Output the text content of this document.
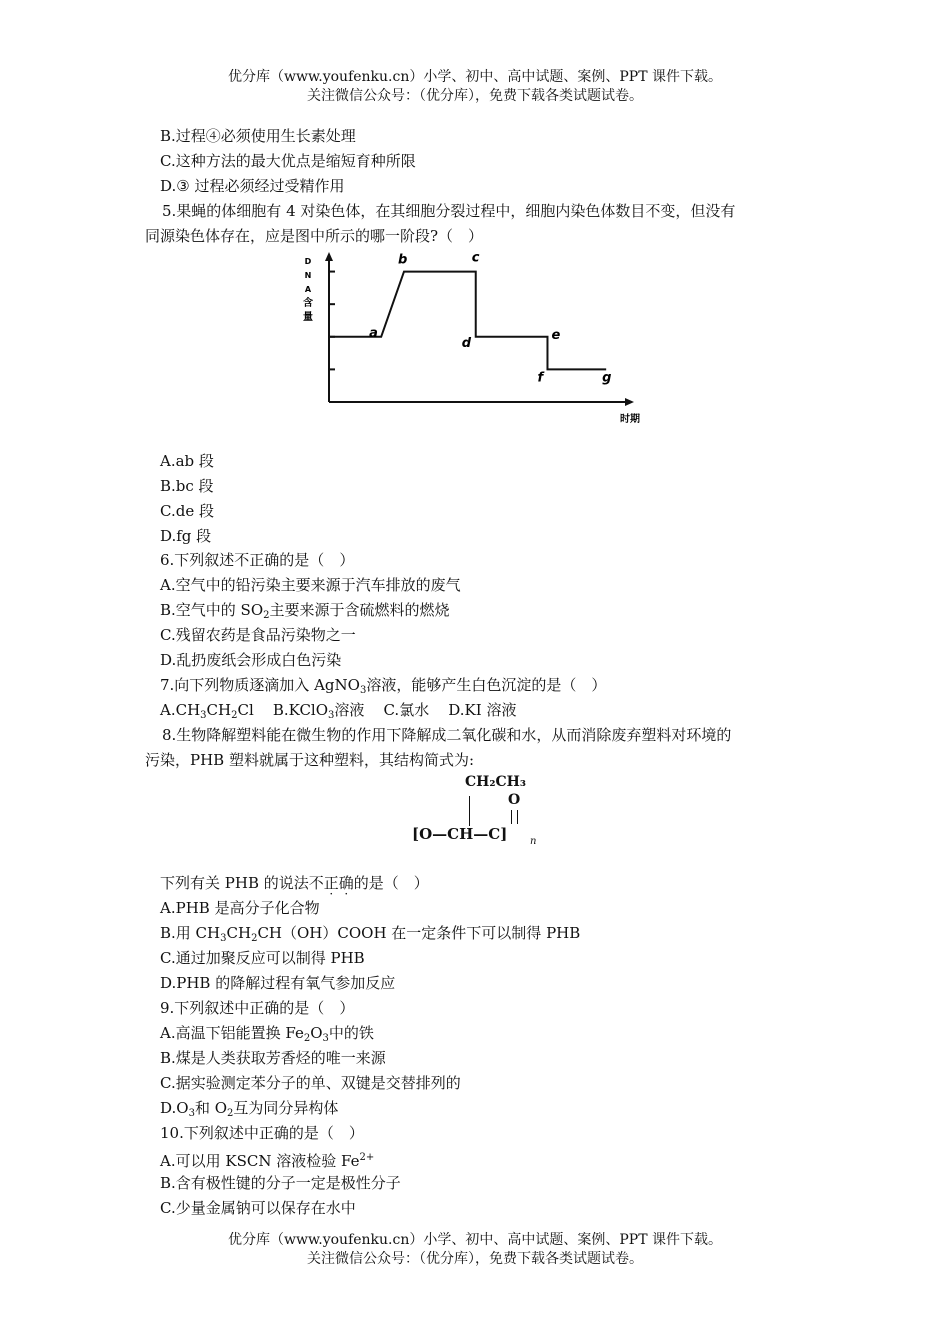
优分库（www.youfenku.cn）小学、初中、高中试题、案例、PPT 课件下载。
关注微信公众号：（优分库），免费下载各类试题试卷。
B.过程④必须使用生长素处理
C.这种方法的最大优点是缩短育种所限
D.③ 过程必须经过受精作用
5.果蝇的体细胞有 4 对染色体，在其细胞分裂过程中，细胞内染色体数目不变，但没有
同源染色体存在，应是图中所示的哪一阶段?（　）
a
b	c
d
e
f	g
时期
D
N
A
含
量
A.ab 段
B.bc 段
C.de 段
D.fg 段
6.下列叙述不正确的是（　）
A.空气中的铅污染主要来源于汽车排放的废气
B.空气中的 $SO_2$主要来源于含硫燃料的燃烧
C.残留农药是食品污染物之一
D.乱扔废纸会形成白色污染
7.向下列物质逐滴加入 AgNO$_3$溶液，能够产生白色沉淀的是（　）
$A.CH_3CH_2Cl$ B.KClO$_3$溶液 C.氯水 D.KI 溶液
8.生物降解塑料能在微生物的作用下降解成二氧化碳和水，从而消除废弃塑料对环境的
污染，PHB 塑料就属于这种塑料，其结构简式为:
CH₂CH₃
O
[O—CH—C] n
下列有关 PHB 的说法不正确的是（　）
A.PHB 是高分子化合物
B.用 $CH_3CH_2CH(OH)COOH$ 在一定条件下可以制得 PHB
C.通过加聚反应可以制得 PHB
D.PHB 的降解过程有氧气参加反应
9.下列叙述中正确的是（　）
A.高温下铝能置换 $Fe_2O_3$中的铁
B.煤是人类获取芳香烃的唯一来源
C.据实验测定苯分子的单、双键是交替排列的
$D.O_3$和 $O_2$互为同分异构体
10.下列叙述中正确的是（　）
A.可以用 KSCN 溶液检验 $Fe^{2+}$
B.含有极性键的分子一定是极性分子
C.少量金属钠可以保存在水中
优分库（www.youfenku.cn）小学、初中、高中试题、案例、PPT 课件下载。
关注微信公众号：（优分库），免费下载各类试题试卷。
